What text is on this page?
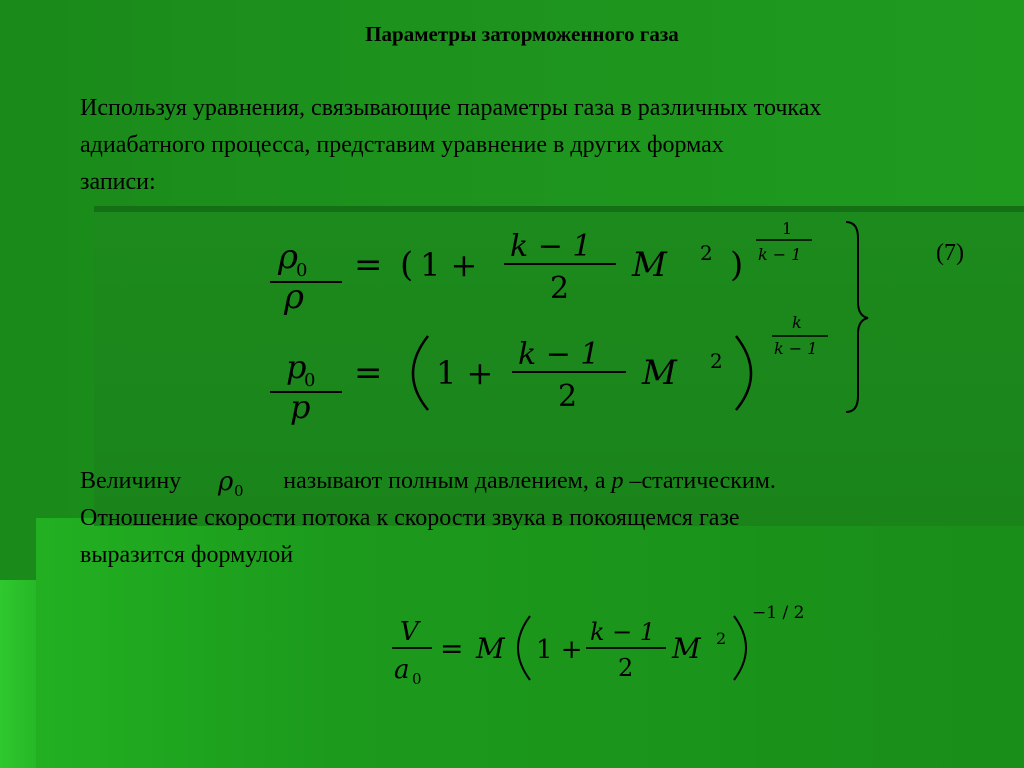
Параметры заторможенного газа
Используя уравнения, связывающие параметры газа в различных точках
адиабатного процесса, представим уравнение в других формах
записи:
ρ
0
ρ
= ( 1 + k − 1
2
M 2 )
1
k − 1
p
0
p
= 1 + k − 1
2
M 2
k
k − 1
(7)
Величину	называют полным давлением, а p –статическим.
Отношение скорости потока к скорости звука в покоящемся газе
выразится формулой
ρ 0
V
a 0
= M 1 +
k − 1
2
M 2
−1 / 2
